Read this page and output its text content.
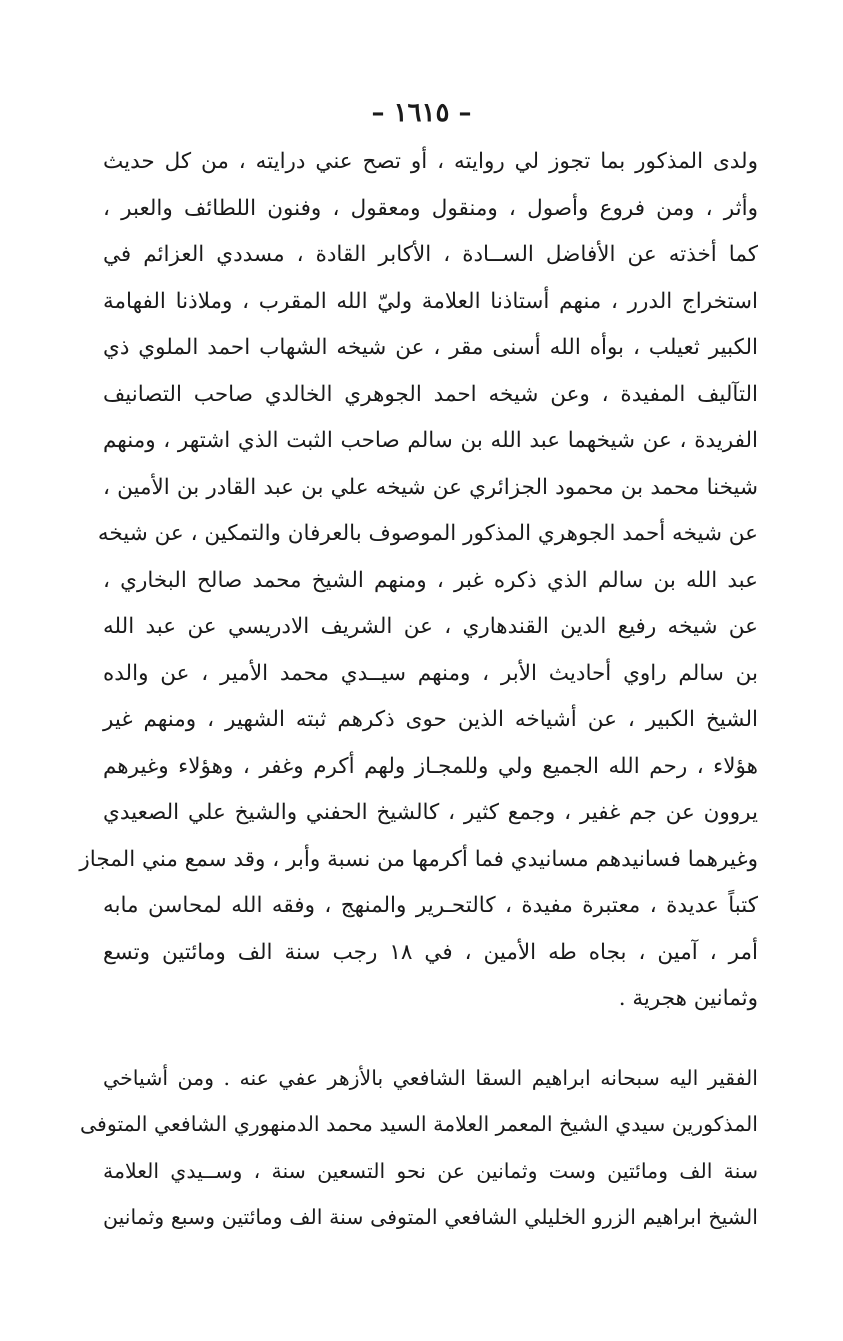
– ١٦١٥ –
ولدى المذكور بما تجوز لي روايته ، أو تصح عني درايته ، من كل حديث
وأثر ، ومن فروع وأصول ، ومنقول ومعقول ، وفنون اللطائف والعبر ،
كما أخذته عن الأفاضل الســادة ، الأكابر القادة ، مسددي العزائم في
استخراج الدرر ، منهم أستاذنا العلامة وليّ الله المقرب ، وملاذنا الفهامة
الكبير ثعيلب ، بوأه الله أسنى مقر ، عن شيخه الشهاب احمد الملوي ذي
التآليف المفيدة ، وعن شيخه احمد الجوهري الخالدي صاحب التصانيف
الفريدة ، عن شيخهما عبد الله بن سالم صاحب الثبت الذي اشتهر ، ومنهم
شيخنا محمد بن محمود الجزائري عن شيخه علي بن عبد القادر بن الأمين ،
عن شيخه أحمد الجوهري المذكور الموصوف بالعرفان والتمكين ، عن شيخه
عبد الله بن سالم الذي ذكره غبر ، ومنهم الشيخ محمد صالح البخاري ،
عن شيخه رفيع الدين القندهاري ، عن الشريف الادريسي عن عبد الله
بن سالم راوي أحاديث الأبر ، ومنهم سيــدي محمد الأمير ، عن والده
الشيخ الكبير ، عن أشياخه الذين حوى ذكرهم ثبته الشهير ، ومنهم غير
هؤلاء ، رحم الله الجميع ولي وللمجـاز ولهم أكرم وغفر ، وهؤلاء وغيرهم
يروون عن جم غفير ، وجمع كثير ، كالشيخ الحفني والشيخ علي الصعيدي
وغيرهما فسانيدهم مسانيدي فما أكرمها من نسبة وأبر ، وقد سمع مني المجاز
كتباً عديدة ، معتبرة مفيدة ، كالتحـرير والمنهج ، وفقه الله لمحاسن مابه
أمر ، آمين ، بجاه طه الأمين ، في ١٨ رجب سنة الف ومائتين وتسع
وثمانين هجرية .
الفقير اليه سبحانه ابراهيم السقا الشافعي بالأزهر عفي عنه . ومن أشياخي
المذكورين سيدي الشيخ المعمر العلامة السيد محمد الدمنهوري الشافعي المتوفى
سنة الف ومائتين وست وثمانين عن نحو التسعين سنة ، وســيدي العلامة
الشيخ ابراهيم الزرو الخليلي الشافعي المتوفى سنة الف ومائتين وسبع وثمانين
